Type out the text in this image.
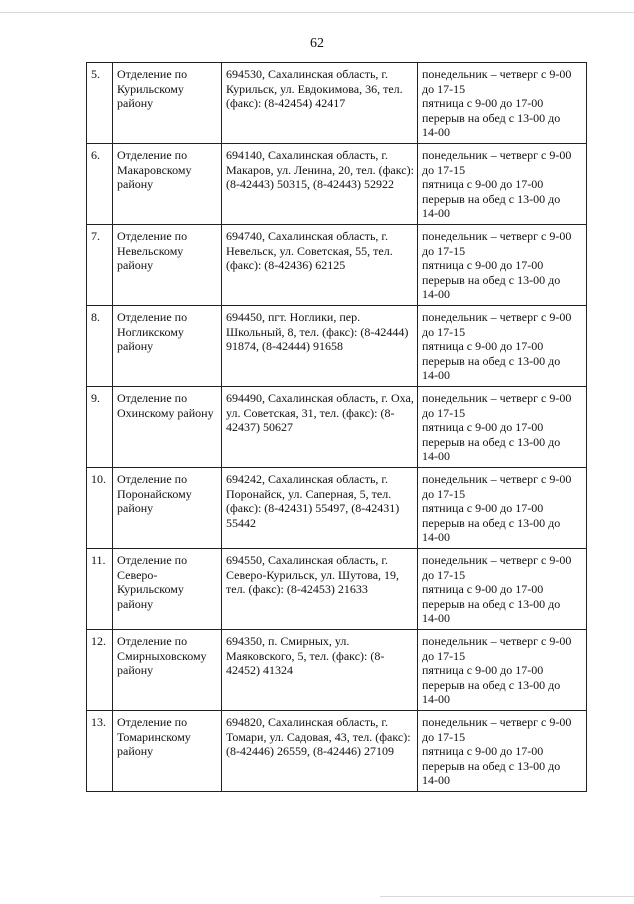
62
5.	Отделение по Курильскому району	694530, Сахалинская область, г. Курильск, ул. Евдокимова, 36, тел. (факс): (8-42454) 42417	понедельник – четверг с 9-00
до 17-15
пятница с 9-00 до 17-00
перерыв на обед с 13-00 до
14-00

6.	Отделение по Макаровскому району	694140, Сахалинская область, г. Макаров, ул. Ленина, 20, тел. (факс): (8-42443) 50315, (8-42443) 52922	понедельник – четверг с 9-00
до 17-15
пятница с 9-00 до 17-00
перерыв на обед с 13-00 до
14-00

7.	Отделение по Невельскому району	694740, Сахалинская область, г. Невельск, ул. Советская, 55, тел. (факс): (8-42436) 62125	понедельник – четверг с 9-00
до 17-15
пятница с 9-00 до 17-00
перерыв на обед с 13-00 до
14-00

8.	Отделение по Ногликскому району	694450, пгт. Ноглики, пер. Школьный, 8, тел. (факс): (8-42444) 91874, (8-42444) 91658	понедельник – четверг с 9-00
до 17-15
пятница с 9-00 до 17-00
перерыв на обед с 13-00 до
14-00

9.	Отделение по Охинскому району	694490, Сахалинская область, г. Оха, ул. Советская, 31, тел. (факс): (8-42437) 50627	понедельник – четверг с 9-00
до 17-15
пятница с 9-00 до 17-00
перерыв на обед с 13-00 до
14-00

10.	Отделение по Поронайскому району	694242, Сахалинская область, г. Поронайск, ул. Саперная, 5, тел. (факс): (8-42431) 55497, (8-42431) 55442	понедельник – четверг с 9-00
до 17-15
пятница с 9-00 до 17-00
перерыв на обед с 13-00 до
14-00

11.	Отделение по Северо-Курильскому району	694550, Сахалинская область, г. Северо-Курильск, ул. Шутова, 19, тел. (факс): (8-42453) 21633	понедельник – четверг с 9-00
до 17-15
пятница с 9-00 до 17-00
перерыв на обед с 13-00 до
14-00

12.	Отделение по Смирныховскому району	694350, п. Смирных, ул. Маяковского, 5, тел. (факс): (8-42452) 41324	понедельник – четверг с 9-00
до 17-15
пятница с 9-00 до 17-00
перерыв на обед с 13-00 до
14-00

13.	Отделение по Томаринскому району	694820, Сахалинская область, г. Томари, ул. Садовая, 43, тел. (факс): (8-42446) 26559, (8-42446) 27109	понедельник – четверг с 9-00
до 17-15
пятница с 9-00 до 17-00
перерыв на обед с 13-00 до
14-00
